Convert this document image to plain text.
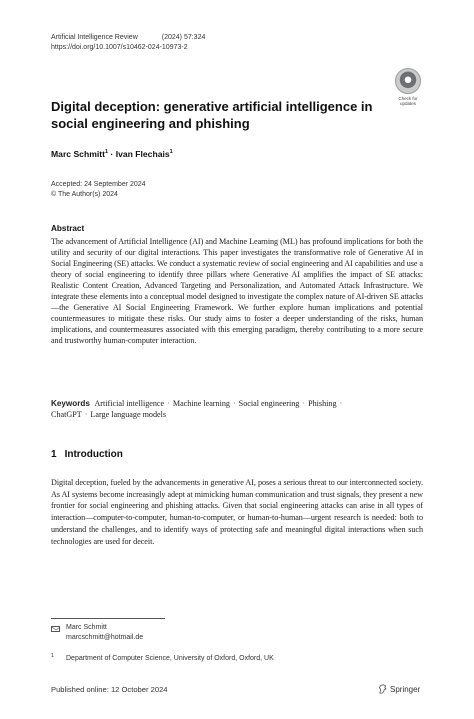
Artificial Intelligence Review	(2024) 57:324
https://doi.org/10.1007/s10462-024-10973-2
Check for
updates
Digital deception: generative artificial intelligence in social engineering and phishing
Marc Schmitt$^1$ · Ivan Flechais$^1$
Accepted: 24 September 2024
© The Author(s) 2024
Abstract
The advancement of Artificial Intelligence (AI) and Machine Learning (ML) has profound implications for both the utility and security of our digital interactions. This paper investigates the transformative role of Generative AI in Social Engineering (SE) attacks. We conduct a systematic review of social engineering and AI capabilities and use a theory of social engineering to identify three pillars where Generative AI amplifies the impact of SE attacks: Realistic Content Creation, Advanced Targeting and Personalization, and Automated Attack Infrastructure. We integrate these elements into a conceptual model designed to investigate the complex nature of AI-driven SE attacks—the Generative AI Social Engineering Framework. We further explore human implications and potential countermeasures to mitigate these risks. Our study aims to foster a deeper understanding of the risks, human implications, and countermeasures associated with this emerging paradigm, thereby contributing to a more secure and trustworthy human-computer interaction.
Keywords Artificial intelligence · Machine learning · Social engineering · Phishing ·
ChatGPT · Large language models
1 Introduction
Digital deception, fueled by the advancements in generative AI, poses a serious threat to our interconnected society. As AI systems become increasingly adept at mimicking human communication and trust signals, they present a new frontier for social engineering and phishing attacks. Given that social engineering attacks can arise in all types of interaction—computer-to-computer, human-to-computer, or human-to-human—urgent research is needed: both to understand the challenges, and to identify ways of protecting safe and meaningful digital interactions when such technologies are used for deceit.
Marc Schmitt
marcschmitt@hotmail.de
1 Department of Computer Science, University of Oxford, Oxford, UK
Published online: 12 October 2024	Springer
